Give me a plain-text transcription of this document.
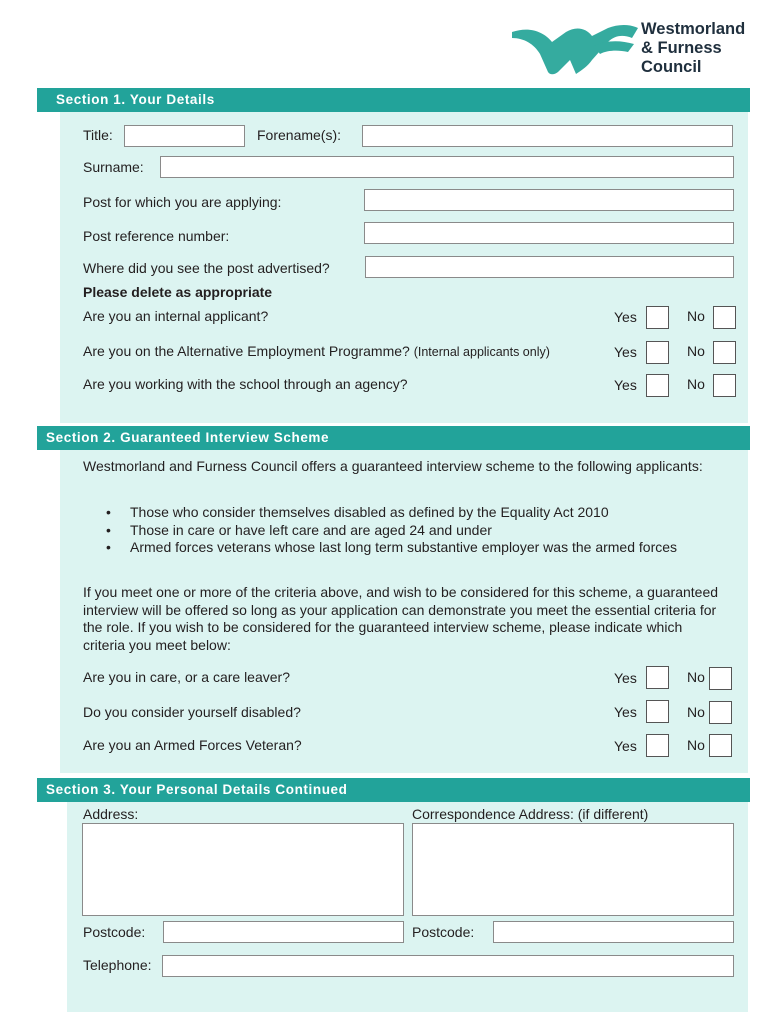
Westmorland
& Furness
Council
Section 1. Your Details
Title:	Forename(s):
Surname:
Post for which you are applying:
Post reference number:
Where did you see the post advertised?
Please delete as appropriate
Are you an internal applicant?	Yes	No
Are you on the Alternative Employment Programme? (Internal applicants only)	Yes	No
Are you working with the school through an agency?	Yes	No
Section 2. Guaranteed Interview Scheme
Westmorland and Furness Council offers a guaranteed interview scheme to the following applicants:
• Those who consider themselves disabled as defined by the Equality Act 2010
• Those in care or have left care and are aged 24 and under
• Armed forces veterans whose last long term substantive employer was the armed forces
If you meet one or more of the criteria above, and wish to be considered for this scheme, a guaranteed interview will be offered so long as your application can demonstrate you meet the essential criteria for the role. If you wish to be considered for the guaranteed interview scheme, please indicate which criteria you meet below:
Are you in care, or a care leaver?	Yes	No
Do you consider yourself disabled?	Yes	No
Are you an Armed Forces Veteran?	Yes	No
Section 3. Your Personal Details Continued
Address:	Correspondence Address: (if different)
Postcode:	Postcode:
Telephone:
